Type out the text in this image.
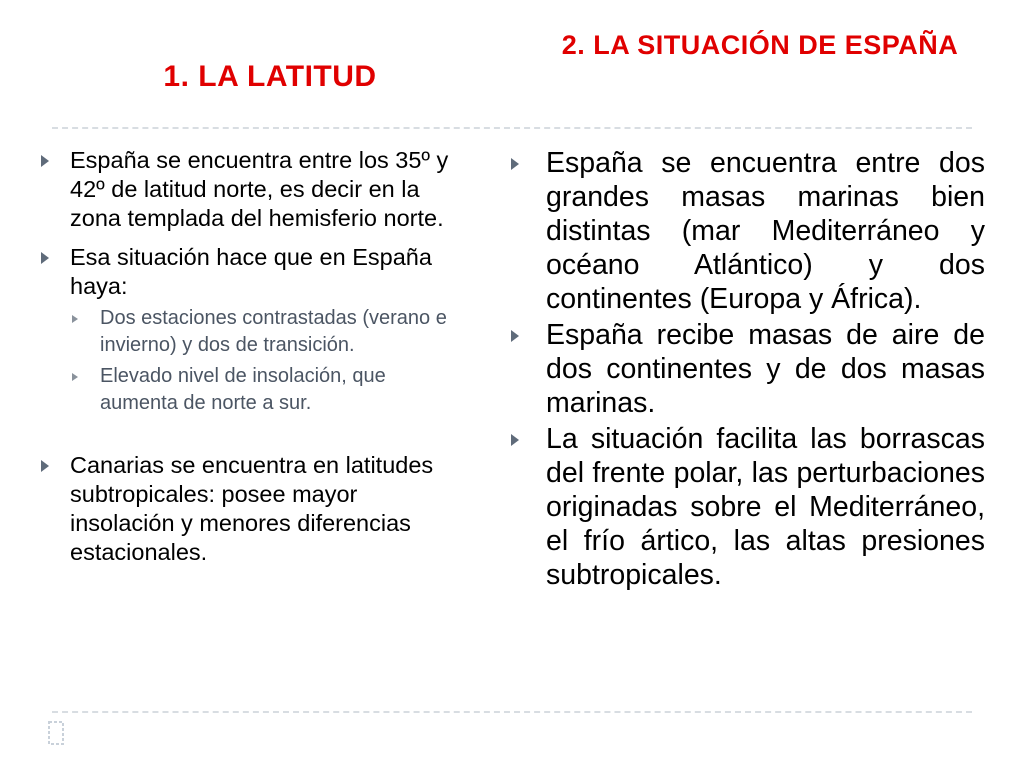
1. LA LATITUD
2. LA SITUACIÓN DE ESPAÑA
España se encuentra entre los 35º y 42º de latitud norte, es decir en la zona templada del hemisferio norte.
Esa situación hace que en España haya:
Dos estaciones contrastadas (verano e invierno) y dos de transición.
Elevado nivel de insolación, que aumenta de norte a sur.
Canarias se encuentra en latitudes subtropicales: posee mayor insolación y menores diferencias estacionales.
España se encuentra entre dos grandes masas marinas bien distintas (mar Mediterráneo y océano Atlántico) y dos continentes (Europa y África).
España recibe masas de aire de dos continentes y de dos masas marinas.
La situación facilita las borrascas del frente polar, las perturbaciones originadas sobre el Mediterráneo, el frío ártico, las altas presiones subtropicales.
